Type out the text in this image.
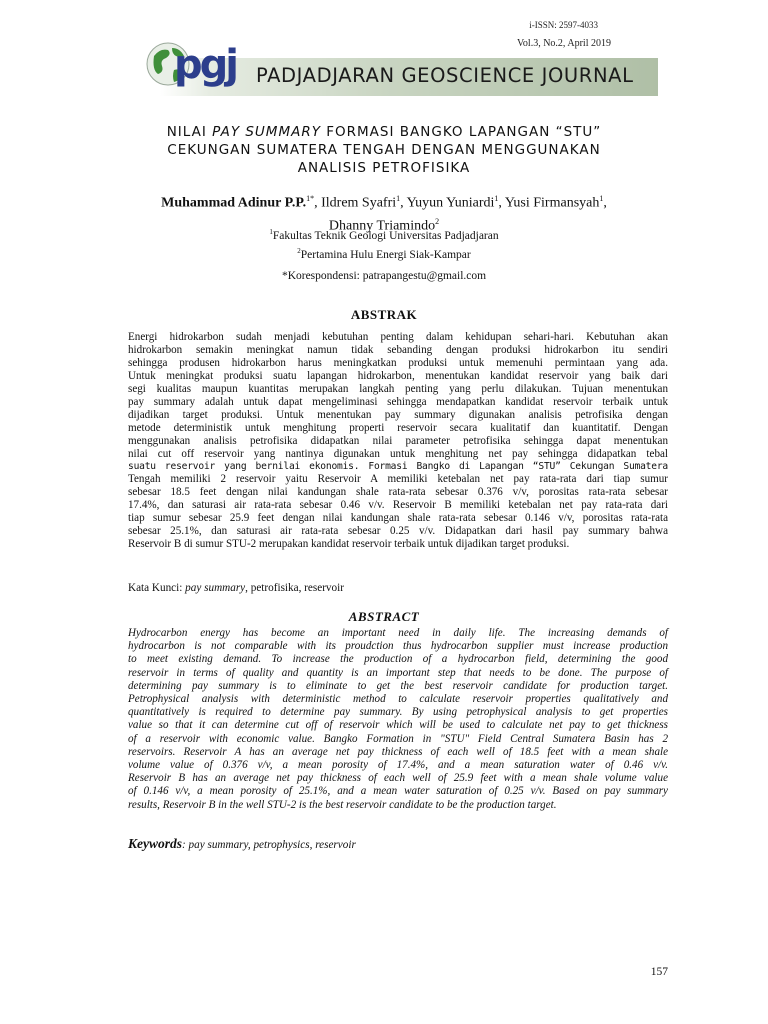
i-ISSN: 2597-4033
Vol.3, No.2, April 2019
pgj PADJADJARAN GEOSCIENCE JOURNAL
NILAI PAY SUMMARY FORMASI BANGKO LAPANGAN “STU”
CEKUNGAN SUMATERA TENGAH DENGAN MENGGUNAKAN
ANALISIS PETROFISIKA
Muhammad Adinur P.P.$^{1*}$, Ildrem Syafri$^1$, Yuyun Yuniardi$^1$, Yusi Firmansyah$^1$,
Dhanny Triamindo$^2$
$^1$Fakultas Teknik Geologi Universitas Padjadjaran
$^2$Pertamina Hulu Energi Siak-Kampar
*Korespondensi: patrapangestu@gmail.com
ABSTRAK
Energi hidrokarbon sudah menjadi kebutuhan penting dalam kehidupan sehari-hari. Kebutuhan akan
hidrokarbon semakin meningkat namun tidak sebanding dengan produksi hidrokarbon itu sendiri
sehingga produsen hidrokarbon harus meningkatkan produksi untuk memenuhi permintaan yang ada.
Untuk meningkat produksi suatu lapangan hidrokarbon, menentukan kandidat reservoir yang baik dari
segi kualitas maupun kuantitas merupakan langkah penting yang perlu dilakukan. Tujuan menentukan
pay summary adalah untuk dapat mengeliminasi sehingga mendapatkan kandidat reservoir terbaik untuk
dijadikan target produksi. Untuk menentukan pay summary digunakan analisis petrofisika dengan
metode deterministik untuk menghitung properti reservoir secara kualitatif dan kuantitatif. Dengan
menggunakan analisis petrofisika didapatkan nilai parameter petrofisika sehingga dapat menentukan
nilai cut off reservoir yang nantinya digunakan untuk menghitung net pay sehingga didapatkan tebal
suatu reservoir yang bernilai ekonomis. Formasi Bangko di Lapangan “STU” Cekungan Sumatera
Tengah memiliki 2 reservoir yaitu Reservoir A memiliki ketebalan net pay rata-rata dari tiap sumur
sebesar 18.5 feet dengan nilai kandungan shale rata-rata sebesar 0.376 v/v, porositas rata-rata sebesar
17.4%, dan saturasi air rata-rata sebesar 0.46 v/v. Reservoir B memiliki ketebalan net pay rata-rata dari
tiap sumur sebesar 25.9 feet dengan nilai kandungan shale rata-rata sebesar 0.146 v/v, porositas rata-rata
sebesar 25.1%, dan saturasi air rata-rata sebesar 0.25 v/v. Didapatkan dari hasil pay summary bahwa
Reservoir B di sumur STU-2 merupakan kandidat reservoir terbaik untuk dijadikan target produksi.
Kata Kunci: pay summary, petrofisika, reservoir
ABSTRACT
Hydrocarbon energy has become an important need in daily life. The increasing demands of
hydrocarbon is not comparable with its proudction thus hydrocarbon supplier must increase production
to meet existing demand. To increase the production of a hydrocarbon field, determining the good
reservoir in terms of quality and quantity is an important step that needs to be done. The purpose of
determining pay summary is to eliminate to get the best reservoir candidate for production target.
Petrophysical analysis with deterministic method to calculate reservoir properties qualitatively and
quantitatively is required to determine pay summary. By using petrophysical analysis to get properties
value so that it can determine cut off of reservoir which will be used to calculate net pay to get thickness
of a reservoir with economic value. Bangko Formation in "STU" Field Central Sumatera Basin has 2
reservoirs. Reservoir A has an average net pay thickness of each well of 18.5 feet with a mean shale
volume value of 0.376 v/v, a mean porosity of 17.4%, and a mean saturation water of 0.46 v/v.
Reservoir B has an average net pay thickness of each well of 25.9 feet with a mean shale volume value
of 0.146 v/v, a mean porosity of 25.1%, and a mean water saturation of 0.25 v/v. Based on pay summary
results, Reservoir B in the well STU-2 is the best reservoir candidate to be the production target.
Keywords: pay summary, petrophysics, reservoir
157
